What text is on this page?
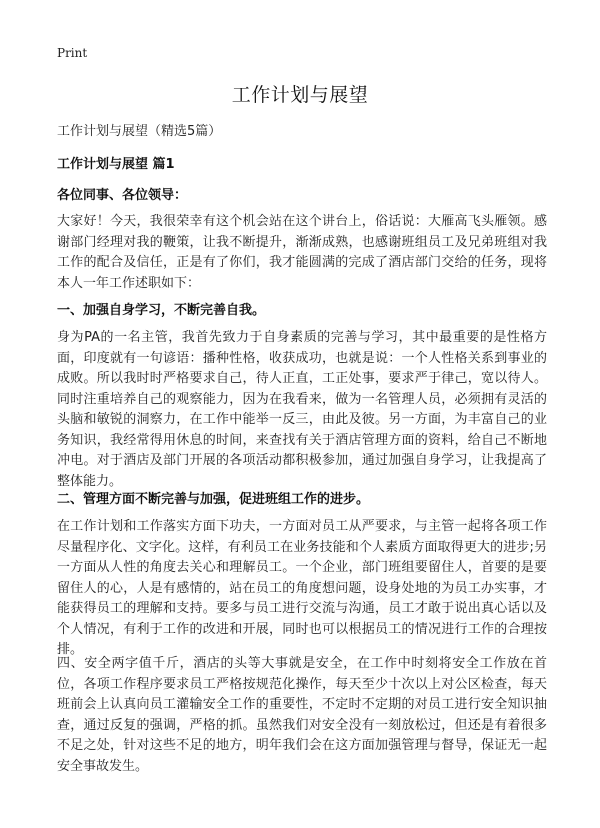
Print
工作计划与展望
工作计划与展望（精选5篇）
工作计划与展望 篇1
各位同事、各位领导：
大家好！今天，我很荣幸有这个机会站在这个讲台上，俗话说：大雁高飞头雁领。感谢部门经理对我的鞭策，让我不断提升，渐渐成熟，也感谢班组员工及兄弟班组对我工作的配合及信任，正是有了你们，我才能圆满的完成了酒店部门交给的任务，现将本人一年工作述职如下：
一、加强自身学习，不断完善自我。
身为PA的一名主管，我首先致力于自身素质的完善与学习，其中最重要的是性格方面，印度就有一句谚语：播种性格，收获成功，也就是说：一个人性格关系到事业的成败。所以我时时严格要求自己，待人正直，工正处事，要求严于律己，宽以待人。同时注重培养自己的观察能力，因为在我看来，做为一名管理人员，必须拥有灵活的头脑和敏锐的洞察力，在工作中能举一反三，由此及彼。另一方面，为丰富自己的业务知识，我经常得用休息的时间，来查找有关于酒店管理方面的资料，给自己不断地冲电。对于酒店及部门开展的各项活动都积极参加，通过加强自身学习，让我提高了整体能力。
二、管理方面不断完善与加强，促进班组工作的进步。
在工作计划和工作落实方面下功夫，一方面对员工从严要求，与主管一起将各项工作尽量程序化、文字化。这样，有利员工在业务技能和个人素质方面取得更大的进步;另一方面从人性的角度去关心和理解员工。一个企业，部门班组要留住人，首要的是要留住人的心，人是有感情的，站在员工的角度想问题，设身处地的为员工办实事，才能获得员工的理解和支持。要多与员工进行交流与沟通，员工才敢于说出真心话以及个人情况，有利于工作的改进和开展，同时也可以根据员工的情况进行工作的合理按排。
四、安全两字值千斤，酒店的头等大事就是安全，在工作中时刻将安全工作放在首位，各项工作程序要求员工严格按规范化操作，每天至少十次以上对公区检查，每天班前会上认真向员工灌输安全工作的重要性，不定时不定期的对员工进行安全知识抽查，通过反复的强调，严格的抓。虽然我们对安全没有一刻放松过，但还是有着很多不足之处，针对这些不足的地方，明年我们会在这方面加强管理与督导，保证无一起安全事故发生。
